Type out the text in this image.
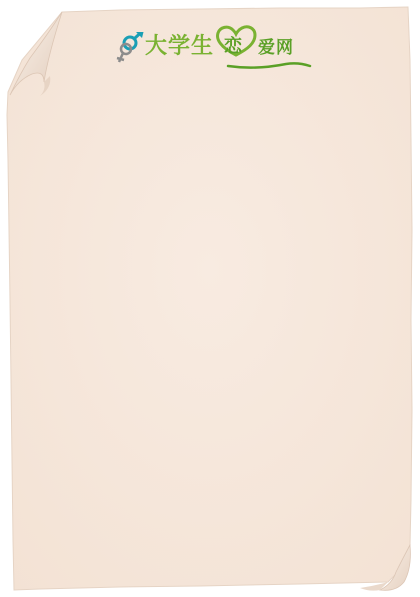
大学生 恋 爱网
